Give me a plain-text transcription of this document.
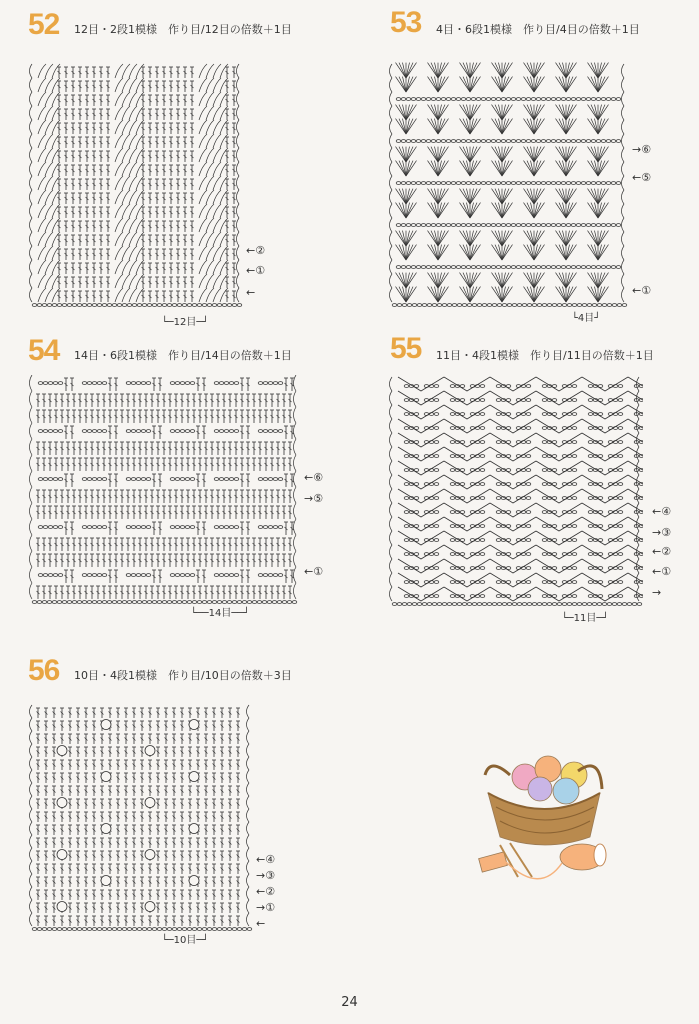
52 12目・2段1模様　作り目/12目の倍数＋1目
←②
←①
←
└─12目─┘
53 4目・6段1模様　作り目/4目の倍数＋1目
→⑥
←⑤
←①
└4目┘
54 14目・6段1模様　作り目/14目の倍数＋1目
←⑥
→⑤
←①
└──14目──┘
55 11目・4段1模様　作り目/11目の倍数＋1目
←④
→③
←②
←①
→
└─11目─┘
56 10目・4段1模様　作り目/10目の倍数＋3目
←④
→③
←②
→①
←
└─10目─┘
24
